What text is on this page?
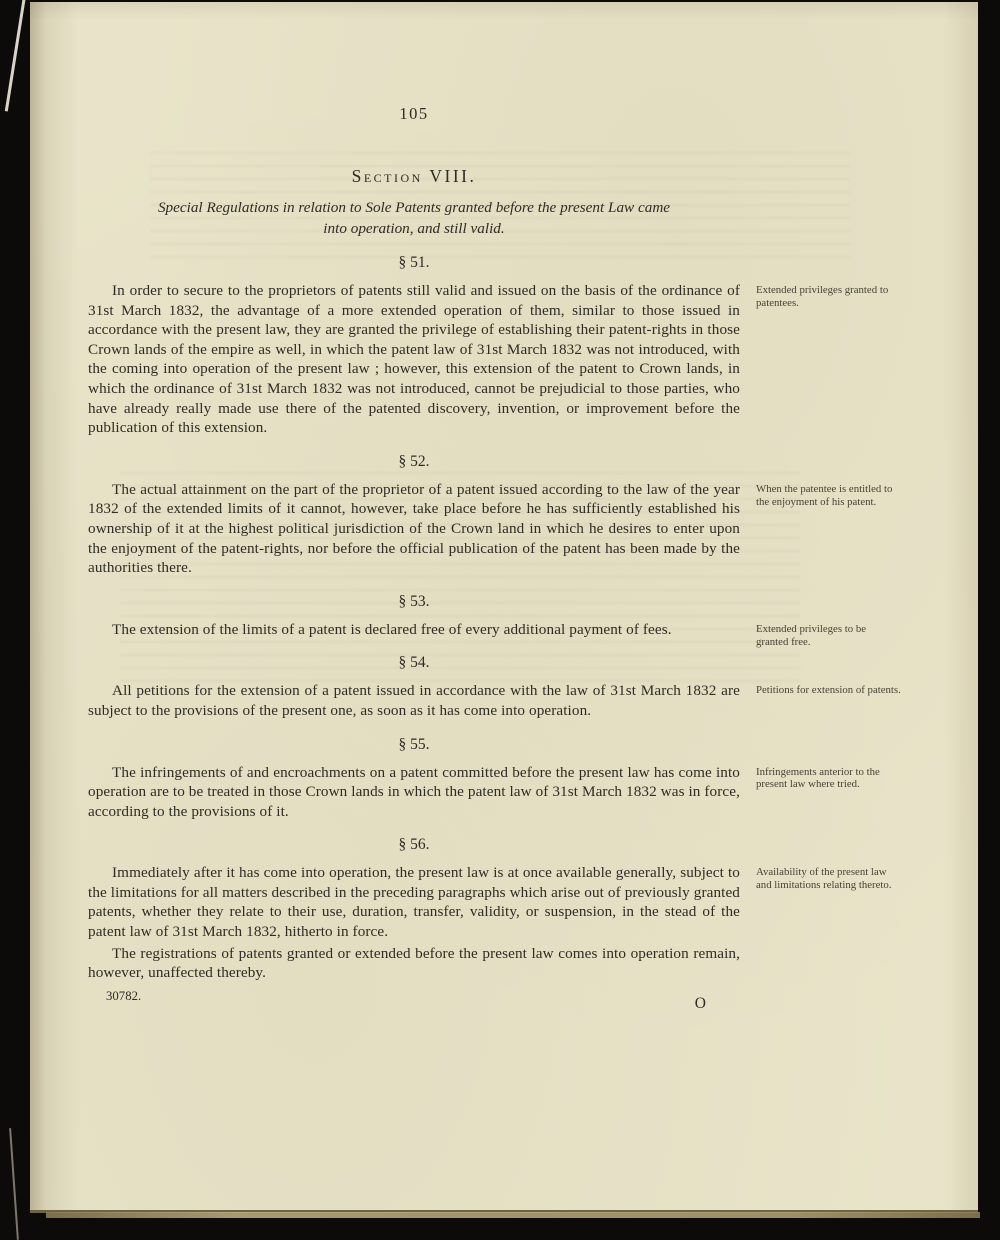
105
Section VIII.
Special Regulations in relation to Sole Patents granted before the present Law came
into operation, and still valid.
§ 51.

In order to secure to the proprietors of patents still valid and issued on the basis of the ordinance of 31st March 1832, the advantage of a more extended operation of them, similar to those issued in accordance with the present law, they are granted the privilege of establishing their patent-rights in those Crown lands of the empire as well, in which the patent law of 31st March 1832 was not introduced, with the coming into operation of the present law ; however, this extension of the patent to Crown lands, in which the ordinance of 31st March 1832 was not introduced, cannot be prejudicial to those parties, who have already really made use there of the patented discovery, invention, or improvement before the publication of this extension.

Extended privileges granted to patentees.
§ 52.

The actual attainment on the part of the proprietor of a patent issued according to the law of the year 1832 of the extended limits of it cannot, however, take place before he has sufficiently established his ownership of it at the highest political jurisdiction of the Crown land in which he desires to enter upon the enjoyment of the patent-rights, nor before the official publication of the patent has been made by the authorities there.

When the patentee is entitled to the enjoyment of his patent.
§ 53.

The extension of the limits of a patent is declared free of every additional payment of fees.	Extended privileges to be granted free.
§ 54.

All petitions for the extension of a patent issued in accordance with the law of 31st March 1832 are subject to the provisions of the present one, as soon as it has come into operation.

Petitions for extension of patents.
§ 55.

The infringements of and encroachments on a patent committed before the present law has come into operation are to be treated in those Crown lands in which the patent law of 31st March 1832 was in force, according to the provisions of it.

Infringements anterior to the present law where tried.
§ 56.

Immediately after it has come into operation, the present law is at once available generally, subject to the limitations for all matters described in the preceding paragraphs which arise out of previously granted patents, whether they relate to their use, duration, transfer, validity, or suspension, in the stead of the patent law of 31st March 1832, hitherto in force.

The registrations of patents granted or extended before the present law comes into operation remain, however, unaffected thereby.

Availability of the present law and limitations relating thereto.
30782.	O
